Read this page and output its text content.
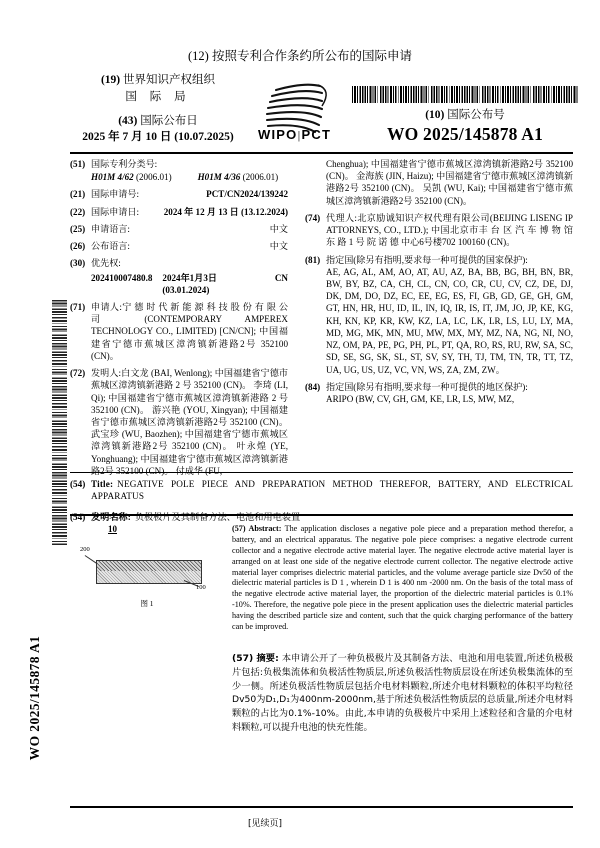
WO 2025/145878 A1
(12) 按照专利合作条约所公布的国际申请
(19) 世界知识产权组织
国 际 局
(43) 国际公布日
2025 年 7 月 10 日 (10.07.2025)	WIPO|PCT
(10) 国际公布号
WO 2025/145878 A1
(51) 国际专利分类号:
H01M 4/62 (2006.01)	H01M 4/36 (2006.01)
(21) 国际申请号:	PCT/CN2024/139242
(22) 国际申请日:	2024 年 12 月 13 日 (13.12.2024)
(25) 申请语言:	中文
(26) 公布语言:	中文
(30) 优先权:
202410007480.8 2024年1月3日 (03.01.2024)
CN
(71) 申请人:宁 德 时 代 新 能 源 科 技 股 份 有 限 公 司 (CONTEMPORARY AMPEREX TECHNOLOGY CO., LIMITED) [CN/CN]; 中国福建省宁德市蕉城区漳湾镇新港路2号 352100 (CN)。
(72) 发明人:白文龙 (BAI, Wenlong); 中国福建省宁德市蕉城区漳湾镇新港路 2 号 352100 (CN)。 李琦 (LI, Qi); 中国福建省宁德市蕉城区漳湾镇新港路 2 号 352100 (CN)。 游兴艳 (YOU, Xingyan); 中国福建省宁德市蕉城区漳湾镇新港路2号 352100 (CN)。 武宝珍 (WU, Baozhen); 中国福建省宁德市蕉城区漳湾镇新港路2号 352100 (CN)。 叶永煌 (YE, Yonghuang); 中国福建省宁德市蕉城区漳湾镇新港路2号 352100 (CN)。 付成华 (FU,
Chenghua); 中国福建省宁德市蕉城区漳湾镇新港路2号 352100 (CN)。 金海族 (JIN, Haizu); 中国福建省宁德市蕉城区漳湾镇新港路2号 352100 (CN)。 吴凯 (WU, Kai); 中国福建省宁德市蕉城区漳湾镇新港路2号 352100 (CN)。
(74) 代理人:北京励诚知识产权代理有限公司(BEIJING LISENG IP ATTORNEYS, CO., LTD.); 中国北京市丰 台 区 汽 车 博 物 馆 东 路 1 号 院 诺 德 中心6号楼702 100160 (CN)。
(81) 指定国(除另有指明,要求每一种可提供的国家保护):
AE, AG, AL, AM, AO, AT, AU, AZ, BA, BB, BG, BH, BN, BR, BW, BY, BZ, CA, CH, CL, CN, CO, CR, CU, CV, CZ, DE, DJ, DK, DM, DO, DZ, EC, EE, EG, ES, FI, GB, GD, GE, GH, GM, GT, HN, HR, HU, ID, IL, IN, IQ, IR, IS, IT, JM, JO, JP, KE, KG, KH, KN, KP, KR, KW, KZ, LA, LC, LK, LR, LS, LU, LY, MA, MD, MG, MK, MN, MU, MW, MX, MY, MZ, NA, NG, NI, NO, NZ, OM, PA, PE, PG, PH, PL, PT, QA, RO, RS, RU, RW, SA, SC, SD, SE, SG, SK, SL, ST, SV, SY, TH, TJ, TM, TN, TR, TT, TZ, UA, UG, US, UZ, VC, VN, WS, ZA, ZM, ZW。
(84) 指定国(除另有指明,要求每一种可提供的地区保护):
ARIPO (BW, CV, GH, GM, KE, LR, LS, MW, MZ,
(54) Title: NEGATIVE POLE PIECE AND PREPARATION METHOD THEREFOR, BATTERY, AND ELECTRICAL APPARATUS
(54) 发明名称: 负极极片及其制备方法、电池和用电装置
10
200
100
图 1
(57) Abstract: The application discloses a negative pole piece and a preparation method therefor, a battery, and an electrical apparatus. The negative pole piece comprises: a negative electrode current collector and a negative electrode active material layer. The negative electrode active material layer is arranged on at least one side of the negative electrode current collector. The negative electrode active material layer comprises dielectric material particles, and the volume average particle size Dv50 of the dielectric material particles is D 1 , wherein D 1 is 400 nm -2000 nm. On the basis of the total mass of the negative electrode active material layer, the proportion of the dielectric material particles is 0.1% -10%. Therefore, the negative pole piece in the present application uses the dielectric material particles having the described particle size and content, such that the quick charging performance of the battery can be improved.
(57) 摘要: 本申请公开了一种负极极片及其制备方法、电池和用电装置,所述负极极片包括:负极集流体和负极活性物质层,所述负极活性物质层设在所述负极集流体的至少一侧。所述负极活性物质层包括介电材料颗粒,所述介电材料颗粒的体积平均粒径Dv50为D₁,D₁为400nm-2000nm,基于所述负极活性物质层的总质量,所述介电材料颗粒的占比为0.1%-10%。由此,本申请的负极极片中采用上述粒径和含量的介电材料颗粒,可以提升电池的快充性能。
[见续页]
